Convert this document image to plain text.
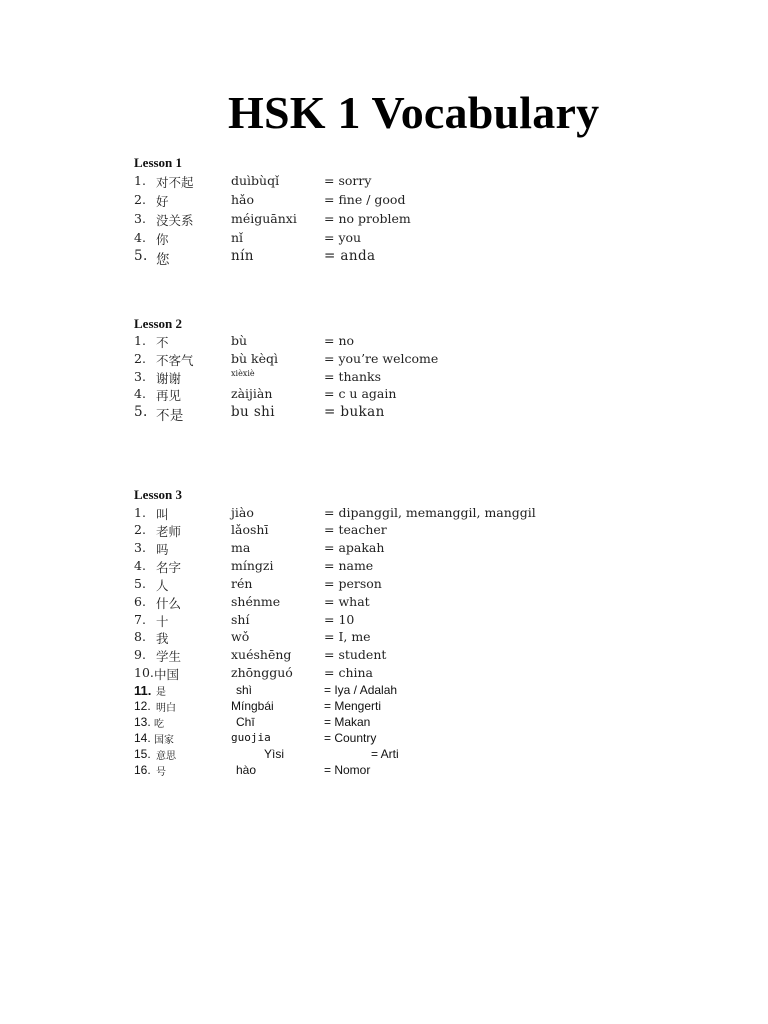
HSK 1 Vocabulary
Lesson 1
1. 对不起	duìbùqǐ	= sorry
2. 好	hǎo	= fine / good
3. 没关系	méiguānxi = no problem
4. 你	nǐ	= you
5. 您	nín	= anda
Lesson 2
1. 不	bù	= no
2. 不客气	bù kèqì	= you’re welcome
3. 谢谢	xièxiè	= thanks
4. 再见	zàijiàn	= c u again
5. 不是	bu shi	= bukan
Lesson 3
1. 叫	jiào	= dipanggil, memanggil, manggil
2. 老师	lǎoshī	= teacher
3. 吗	ma	= apakah
4. 名字	míngzi	= name
5. 人	rén	= person
6. 什么	shénme	= what
7. 十	shí	= 10
8. 我	wǒ	= I, me
9. 学生	xuéshēng	= student
10. 中国	zhōngguó = china
11. 是	shì	= Iya / Adalah
12. 明白	Míngbái	= Mengerti
13. 吃	Chī	= Makan
14. 国家	guojia	= Country
15. 意思	Yìsi	= Arti
16. 号	hào	= Nomor
